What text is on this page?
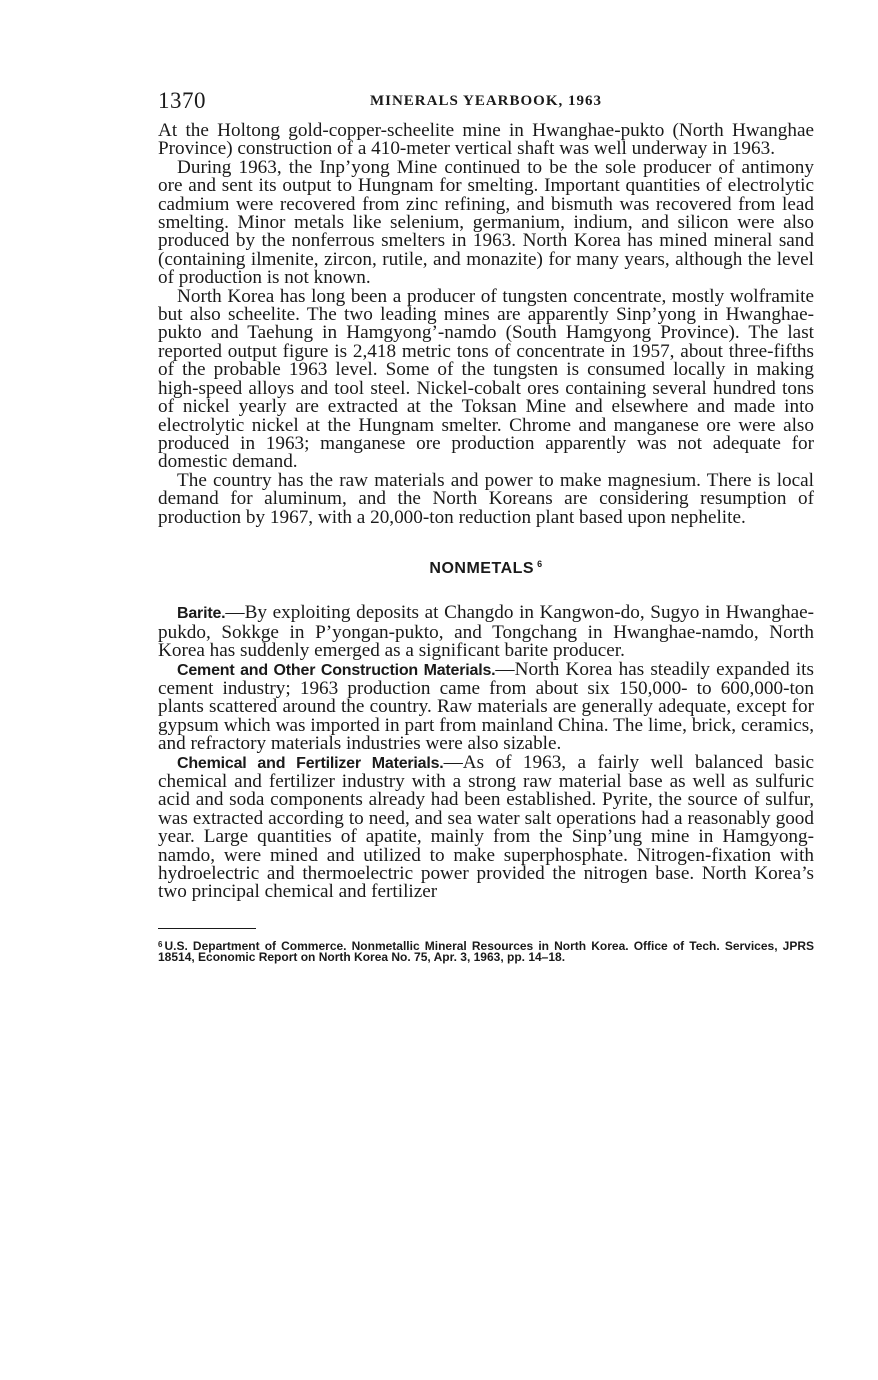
1370	MINERALS YEARBOOK, 1963

At the Holtong gold-copper-scheelite mine in Hwanghae-pukto (North Hwanghae Province) construction of a 410-meter vertical shaft was well underway in 1963.

During 1963, the Inp’yong Mine continued to be the sole producer of antimony ore and sent its output to Hungnam for smelting. Important quantities of electrolytic cadmium were recovered from zinc refining, and bismuth was recovered from lead smelting. Minor metals like selenium, germanium, indium, and silicon were also produced by the nonferrous smelters in 1963. North Korea has mined mineral sand (containing ilmenite, zircon, rutile, and monazite) for many years, although the level of production is not known.

North Korea has long been a producer of tungsten concentrate, mostly wolframite but also scheelite. The two leading mines are apparently Sinp’yong in Hwanghae-pukto and Taehung in Hamgyong’-namdo (South Hamgyong Province). The last reported output figure is 2,418 metric tons of concentrate in 1957, about three-fifths of the probable 1963 level. Some of the tungsten is consumed locally in making high-speed alloys and tool steel. Nickel-cobalt ores containing several hundred tons of nickel yearly are extracted at the Toksan Mine and elsewhere and made into electrolytic nickel at the Hungnam smelter. Chrome and manganese ore were also produced in 1963; manganese ore production apparently was not adequate for domestic demand.

The country has the raw materials and power to make magnesium. There is local demand for aluminum, and the North Koreans are considering resumption of production by 1967, with a 20,000-ton reduction plant based upon nephelite.

NONMETALS $^6$

Barite.—By exploiting deposits at Changdo in Kangwon-do, Sugyo in Hwanghae-pukdo, Sokkge in P’yongan-pukto, and Tongchang in Hwanghae-namdo, North Korea has suddenly emerged as a significant barite producer.

Cement and Other Construction Materials.—North Korea has steadily expanded its cement industry; 1963 production came from about six 150,000- to 600,000-ton plants scattered around the country. Raw materials are generally adequate, except for gypsum which was imported in part from mainland China. The lime, brick, ceramics, and refractory materials industries were also sizable.

Chemical and Fertilizer Materials.—As of 1963, a fairly well balanced basic chemical and fertilizer industry with a strong raw material base as well as sulfuric acid and soda components already had been established. Pyrite, the source of sulfur, was extracted according to need, and sea water salt operations had a reasonably good year. Large quantities of apatite, mainly from the Sinp’ung mine in Hamgyong-namdo, were mined and utilized to make superphosphate. Nitrogen-fixation with hydroelectric and thermoelectric power provided the nitrogen base. North Korea’s two principal chemical and fertilizer

$^6$ U.S. Department of Commerce. Nonmetallic Mineral Resources in North Korea. Office of Tech. Services, JPRS 18514, Economic Report on North Korea No. 75, Apr. 3, 1963, pp. 14–18.
